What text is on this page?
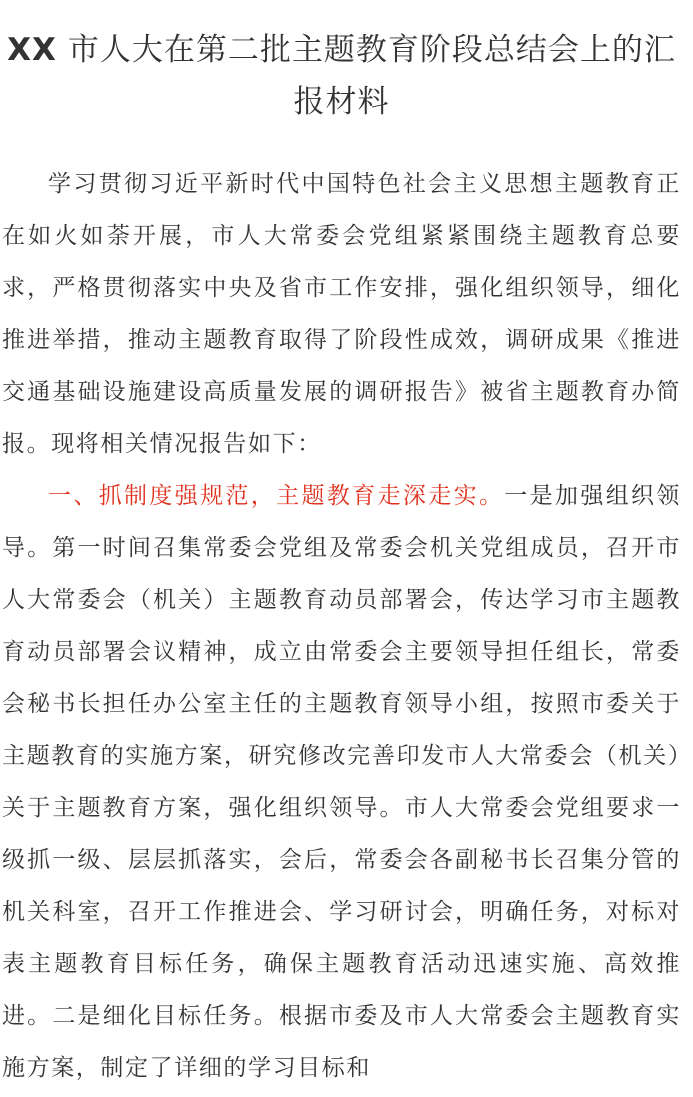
XX 市人大在第二批主题教育阶段总结会上的汇报材料

学习贯彻习近平新时代中国特色社会主义思想主题教育正在如火如荼开展，市人大常委会党组紧紧围绕主题教育总要求，严格贯彻落实中央及省市工作安排，强化组织领导，细化推进举措，推动主题教育取得了阶段性成效，调研成果《推进交通基础设施建设高质量发展的调研报告》被省主题教育办简报。现将相关情况报告如下：

一、抓制度强规范，主题教育走深走实。一是加强组织领导。第一时间召集常委会党组及常委会机关党组成员，召开市人大常委会（机关）主题教育动员部署会，传达学习市主题教育动员部署会议精神，成立由常委会主要领导担任组长，常委会秘书长担任办公室主任的主题教育领导小组，按照市委关于主题教育的实施方案，研究修改完善印发市人大常委会（机关）关于主题教育方案，强化组织领导。市人大常委会党组要求一级抓一级、层层抓落实，会后，常委会各副秘书长召集分管的机关科室，召开工作推进会、学习研讨会，明确任务，对标对表主题教育目标任务，确保主题教育活动迅速实施、高效推进。二是细化目标任务。根据市委及市人大常委会主题教育实施方案，制定了详细的学习目标和
